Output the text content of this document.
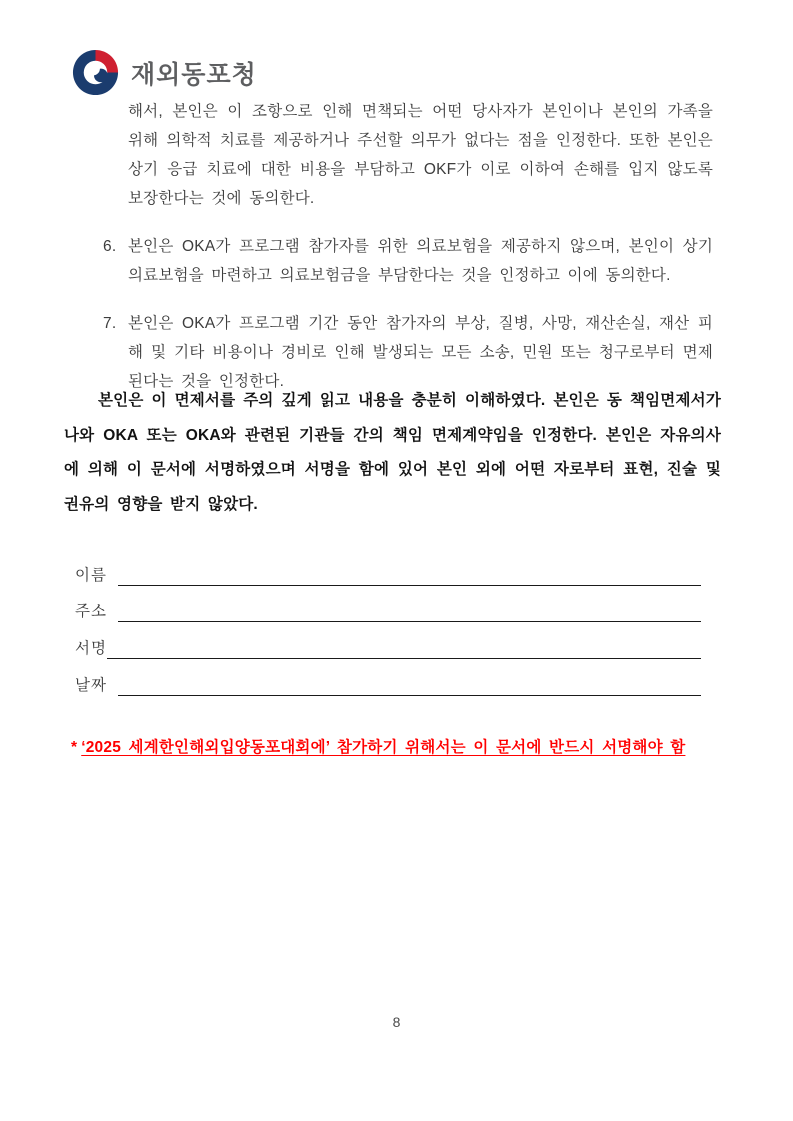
재외동포청
해서, 본인은 이 조항으로 인해 면책되는 어떤 당사자가 본인이나 본인의 가족을 위해 의학적 치료를 제공하거나 주선할 의무가 없다는 점을 인정한다. 또한 본인은 상기 응급 치료에 대한 비용을 부담하고 OKF가 이로 이하여 손해를 입지 않도록 보장한다는 것에 동의한다.
6. 본인은 OKA가 프로그램 참가자를 위한 의료보험을 제공하지 않으며, 본인이 상기 의료보험을 마련하고 의료보험금을 부담한다는 것을 인정하고 이에 동의한다.
7. 본인은 OKA가 프로그램 기간 동안 참가자의 부상, 질병, 사망, 재산손실, 재산 피해 및 기타 비용이나 경비로 인해 발생되는 모든 소송, 민원 또는 청구로부터 면제된다는 것을 인정한다.
본인은 이 면제서를 주의 깊게 읽고 내용을 충분히 이해하였다. 본인은 동 책임면제서가 나와 OKA 또는 OKA와 관련된 기관들 간의 책임 면제계약임을 인정한다. 본인은 자유의사에 의해 이 문서에 서명하였으며 서명을 함에 있어 본인 외에 어떤 자로부터 표현, 진술 및 권유의 영향을 받지 않았다.
이름
주소
서명
날짜
* ‘2025 세계한인해외입양동포대회에’ 참가하기 위해서는 이 문서에 반드시 서명해야 함
8
